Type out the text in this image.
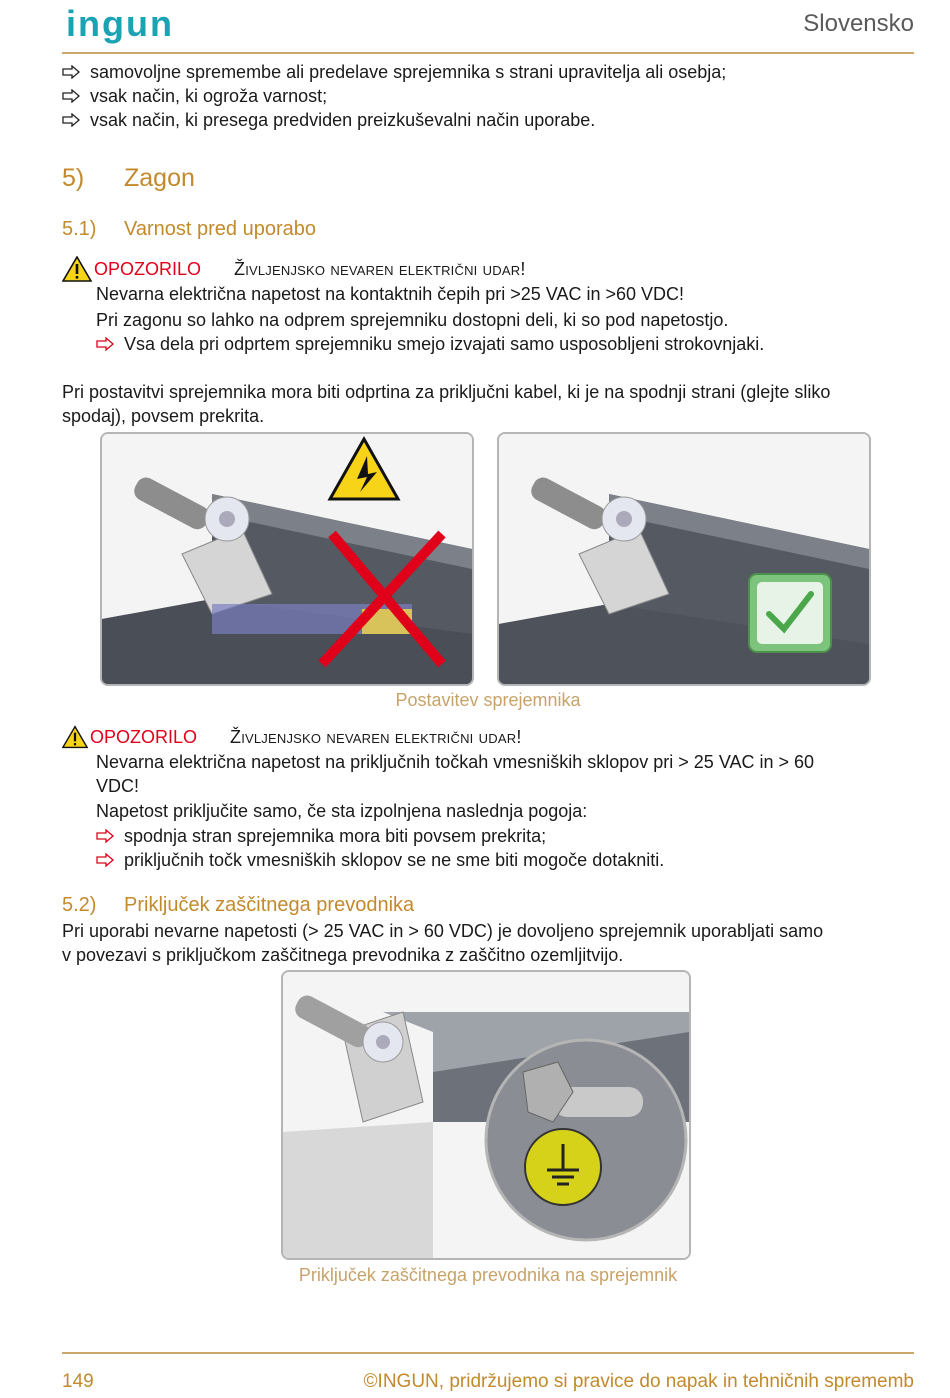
ingun	Slovensko
samovoljne spremembe ali predelave sprejemnika s strani upravitelja ali osebja;
vsak način, ki ogroža varnost;
vsak način, ki presega predviden preizkuševalni način uporabe.
5) Zagon
5.1) Varnost pred uporabo
OPOZORILO	Življenjsko nevaren električni udar!
Nevarna električna napetost na kontaktnih čepih pri >25 VAC in >60 VDC!
Pri zagonu so lahko na odprem sprejemniku dostopni deli, ki so pod napetostjo.
Vsa dela pri odprtem sprejemniku smejo izvajati samo usposobljeni strokovnjaki.
Pri postavitvi sprejemnika mora biti odprtina za priključni kabel, ki je na spodnji strani (glejte sliko
spodaj), povsem prekrita.
Postavitev sprejemnika
OPOZORILO	Življenjsko nevaren električni udar!
Nevarna električna napetost na priključnih točkah vmesniških sklopov pri > 25 VAC in > 60
VDC!
Napetost priključite samo, če sta izpolnjena naslednja pogoja:
spodnja stran sprejemnika mora biti povsem prekrita;
priključnih točk vmesniških sklopov se ne sme biti mogoče dotakniti.
5.2) Priključek zaščitnega prevodnika
Pri uporabi nevarne napetosti (> 25 VAC in > 60 VDC) je dovoljeno sprejemnik uporabljati samo
v povezavi s priključkom zaščitnega prevodnika z zaščitno ozemljitvijo.
Priključek zaščitnega prevodnika na sprejemnik
149	©INGUN, pridržujemo si pravice do napak in tehničnih sprememb
